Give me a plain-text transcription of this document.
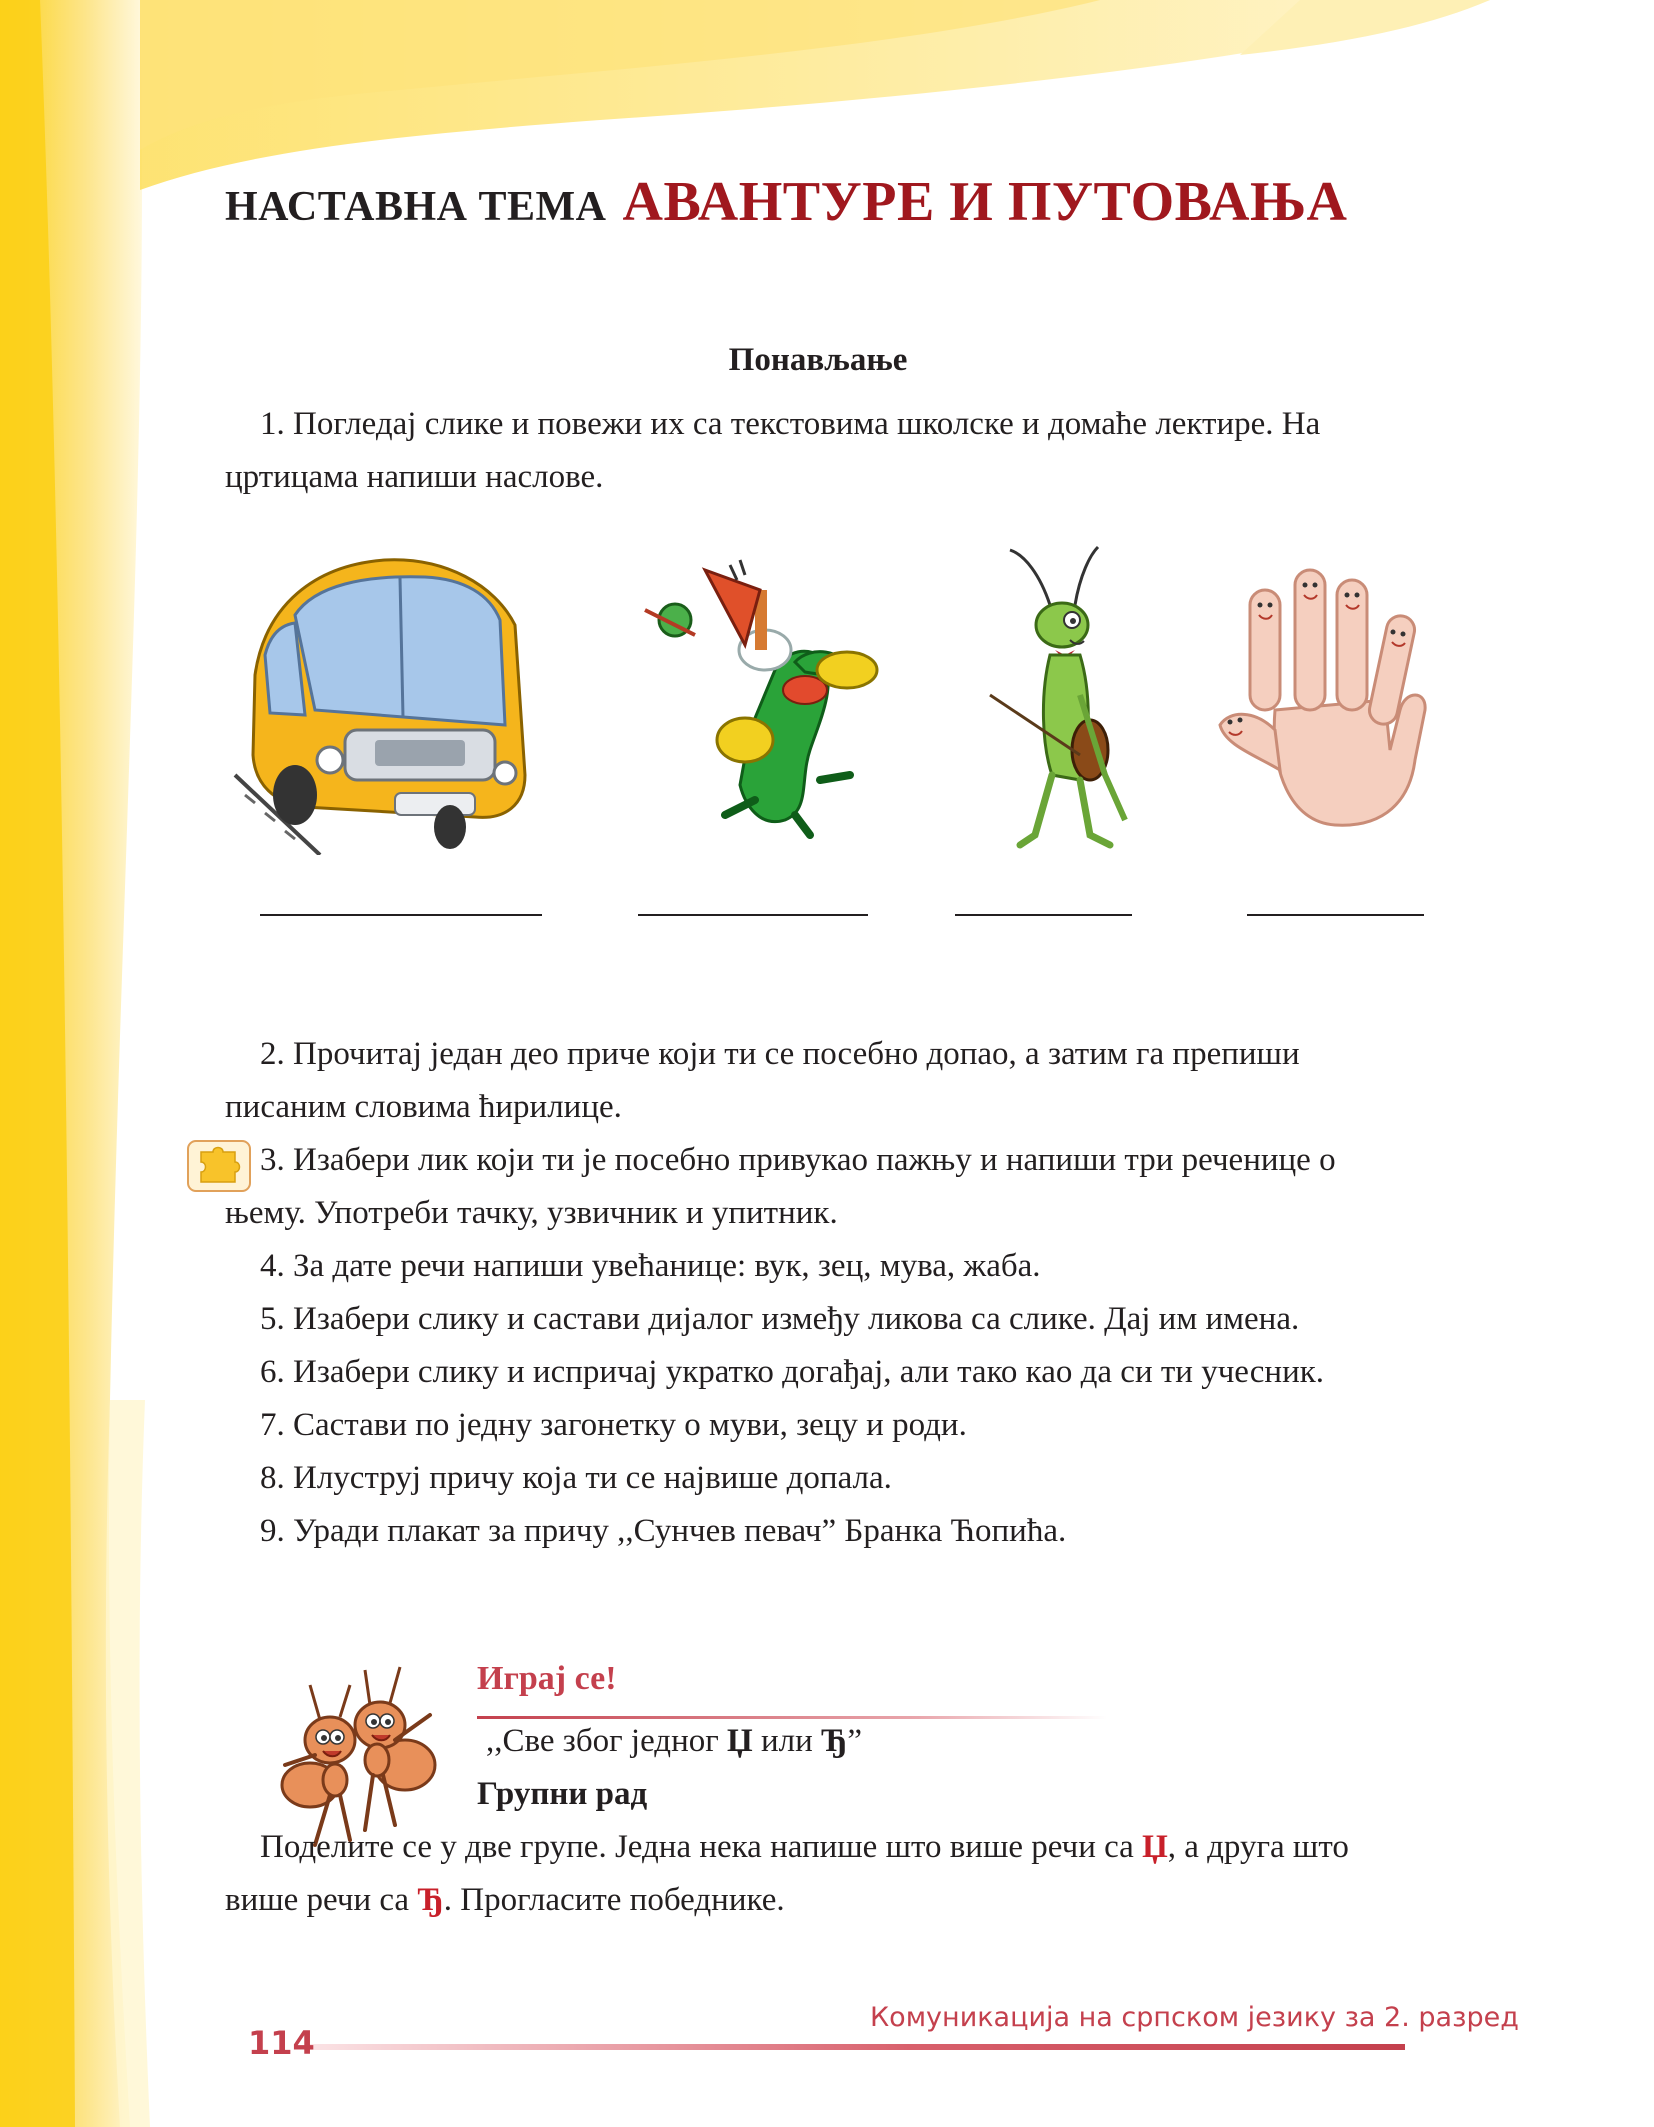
НАСТАВНА ТЕМА АВАНТУРЕ И ПУТОВАЊА
Понављање
1. Погледај слике и повежи их са текстовима школске и домаће лектире. На
цртицама напиши наслове.
2. Прочитај један део приче који ти се посебно допао, а затим га препиши
писаним словима ћирилице.
3. Изабери лик који ти је посебно привукао пажњу и напиши три реченице о
њему. Употреби тачку, узвичник и упитник.
4. За дате речи напиши увећанице: вук, зец, мува, жаба.
5. Изабери слику и састави дијалог између ликова са слике. Дај им имена.
6. Изабери слику и испричај укратко догађај, али тако као да си ти учесник.
7. Састави по једну загонетку о муви, зецу и роди.
8. Илуструј причу која ти се највише допала.
9. Уради плакат за причу ,,Сунчев певач” Бранка Ћопића.
Играј се!
,,Све због једног Џ или Ђ”
Групни рад
Поделите се у две групе. Једна нека напише што више речи са Џ, а друга што
више речи са Ђ. Прогласите победнике.
Комуникација на српском језику за 2. разред
114
